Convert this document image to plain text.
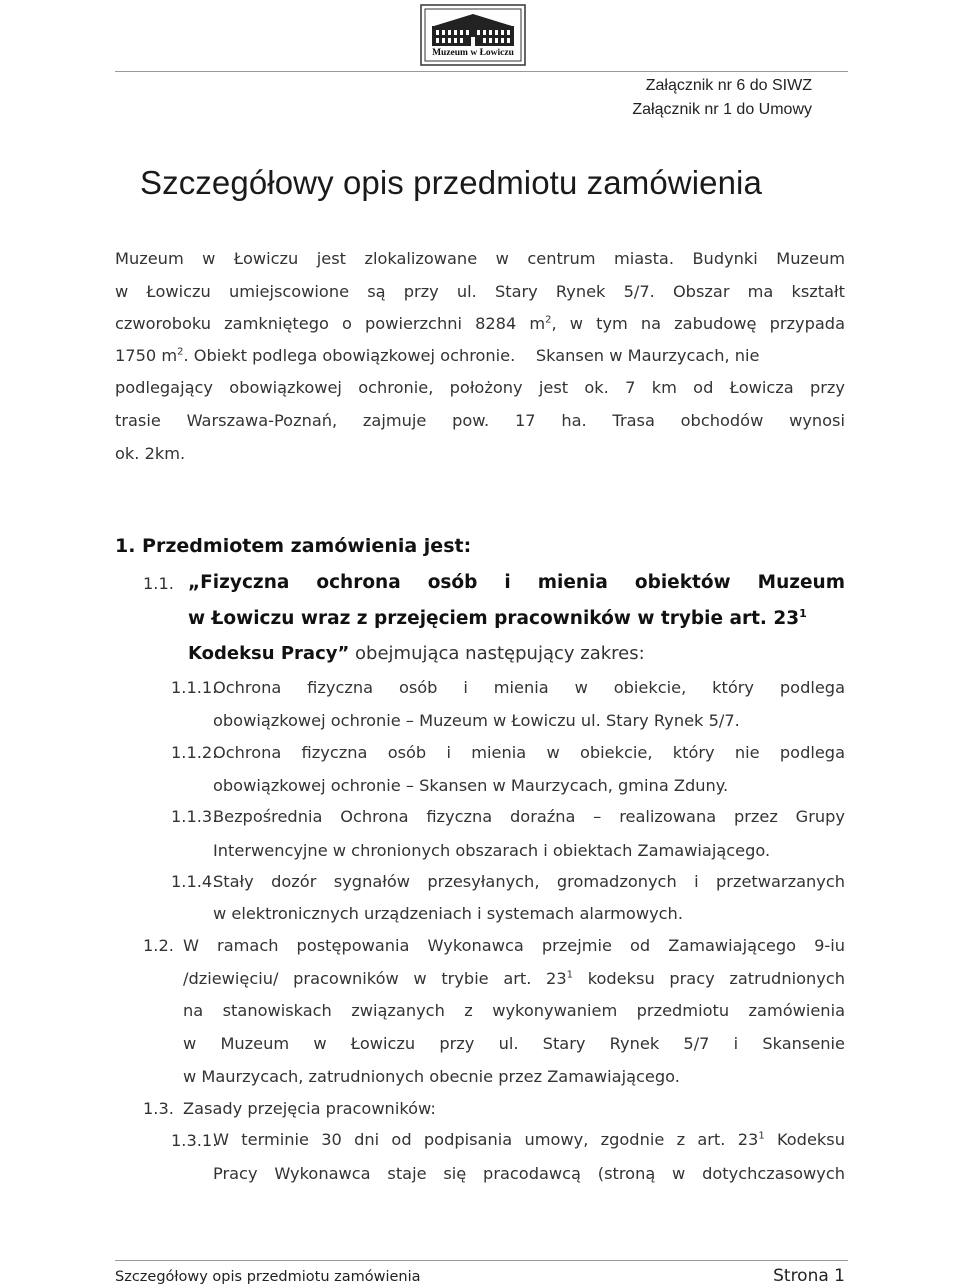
Muzeum w Łowiczu
Załącznik nr 6 do SIWZ
Załącznik nr 1 do Umowy
Szczegółowy opis przedmiotu zamówienia

Muzeum w Łowiczu jest zlokalizowane w centrum miasta. Budynki Muzeum

w Łowiczu umiejscowione są przy ul. Stary Rynek 5/7. Obszar ma kształt

czworoboku zamkniętego o powierzchni 8284 $m^2$, w tym na zabudowę przypada

1750 $m^2$. Obiekt podlega obowiązkowej ochronie.    Skansen w Maurzycach, nie

podlegający obowiązkowej ochronie, położony jest ok. 7 km od Łowicza przy

trasie Warszawa-Poznań, zajmuje pow. 17 ha. Trasa obchodów wynosi

ok. 2km.

1. Przedmiotem zamówienia jest:
1.1. „Fizyczna ochrona osób i mienia obiektów Muzeum

w Łowiczu wraz z przejęciem pracowników w trybie art. $23^1$

Kodeksu Pracy” obejmująca następujący zakres:

1.1.1.

Ochrona fizyczna osób i mienia w obiekcie, który podlega

obowiązkowej ochronie – Muzeum w Łowiczu ul. Stary Rynek 5/7.

1.1.2.

Ochrona fizyczna osób i mienia w obiekcie, który nie podlega

obowiązkowej ochronie – Skansen w Maurzycach, gmina Zduny.

1.1.3.

Bezpośrednia Ochrona fizyczna doraźna – realizowana przez Grupy

Interwencyjne w chronionych obszarach i obiektach Zamawiającego.

1.1.4.

Stały dozór sygnałów przesyłanych, gromadzonych i przetwarzanych

w elektronicznych urządzeniach i systemach alarmowych.

1.2. W ramach postępowania Wykonawca przejmie od Zamawiającego 9-iu

/dziewięciu/ pracowników w trybie art. $23^1$ kodeksu pracy zatrudnionych

na stanowiskach związanych z wykonywaniem przedmiotu zamówienia

w Muzeum w Łowiczu przy ul. Stary Rynek 5/7 i Skansenie

w Maurzycach, zatrudnionych obecnie przez Zamawiającego.

1.3. Zasady przejęcia pracowników:

1.3.1.

W terminie 30 dni od podpisania umowy, zgodnie z art. $23^1$ Kodeksu

Pracy Wykonawca staje się pracodawcą (stroną w dotychczasowych

Szczegółowy opis przedmiotu zamówienia	Strona 1
